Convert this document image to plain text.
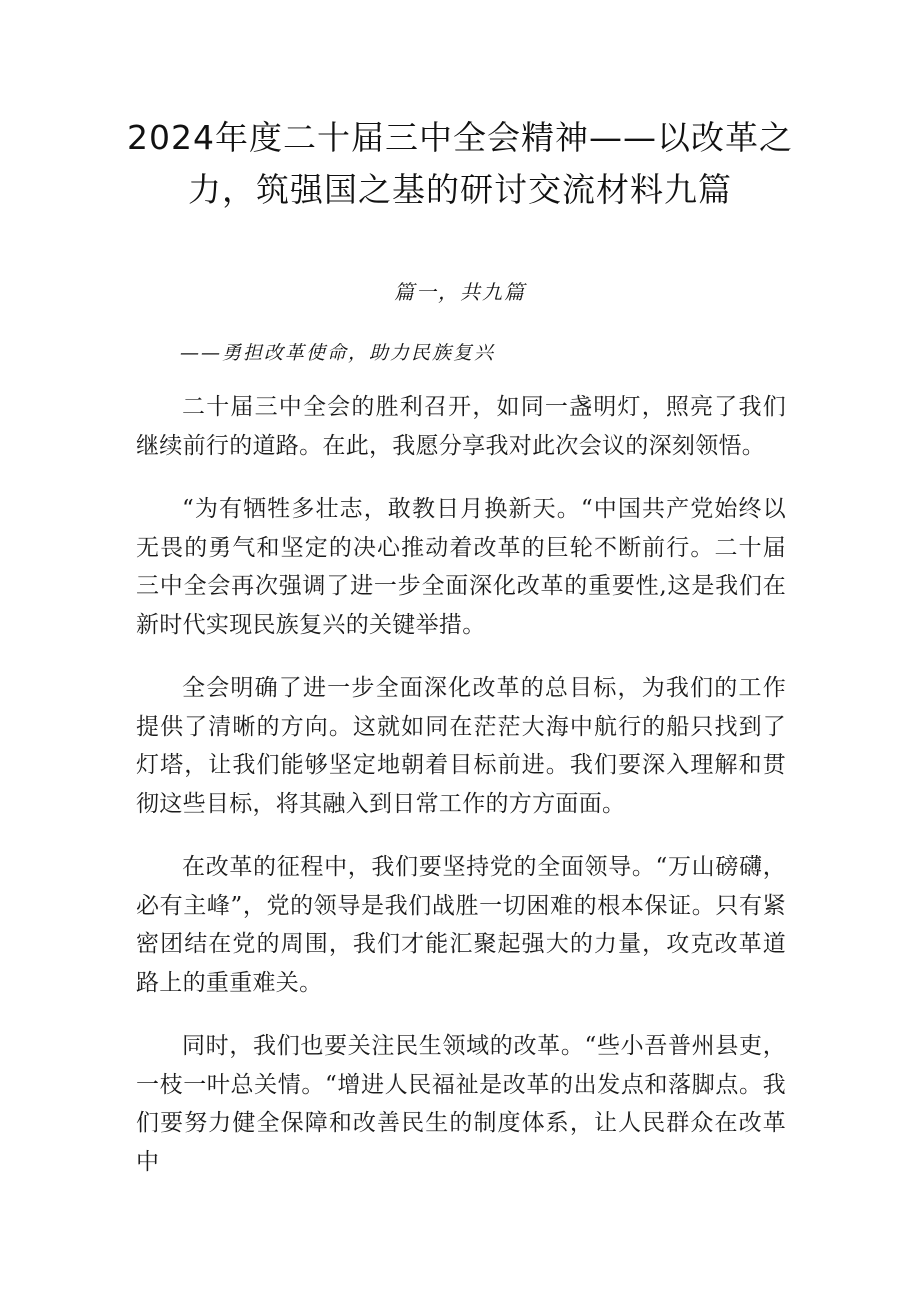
2024年度二十届三中全会精神——以改革之力，筑强国之基的研讨交流材料九篇
篇一，共九篇
——勇担改革使命，助力民族复兴

二十届三中全会的胜利召开，如同一盏明灯，照亮了我们继续前行的道路。在此，我愿分享我对此次会议的深刻领悟。

“为有牺牲多壮志，敢教日月换新天。“中国共产党始终以无畏的勇气和坚定的决心推动着改革的巨轮不断前行。二十届三中全会再次强调了进一步全面深化改革的重要性,这是我们在新时代实现民族复兴的关键举措。

全会明确了进一步全面深化改革的总目标，为我们的工作提供了清晰的方向。这就如同在茫茫大海中航行的船只找到了灯塔，让我们能够坚定地朝着目标前进。我们要深入理解和贯彻这些目标，将其融入到日常工作的方方面面。

在改革的征程中，我们要坚持党的全面领导。“万山磅礴，必有主峰”，党的领导是我们战胜一切困难的根本保证。只有紧密团结在党的周围，我们才能汇聚起强大的力量，攻克改革道路上的重重难关。

同时，我们也要关注民生领域的改革。“些小吾普州县吏，一枝一叶总关情。“增进人民福祉是改革的出发点和落脚点。我们要努力健全保障和改善民生的制度体系，让人民群众在改革中
